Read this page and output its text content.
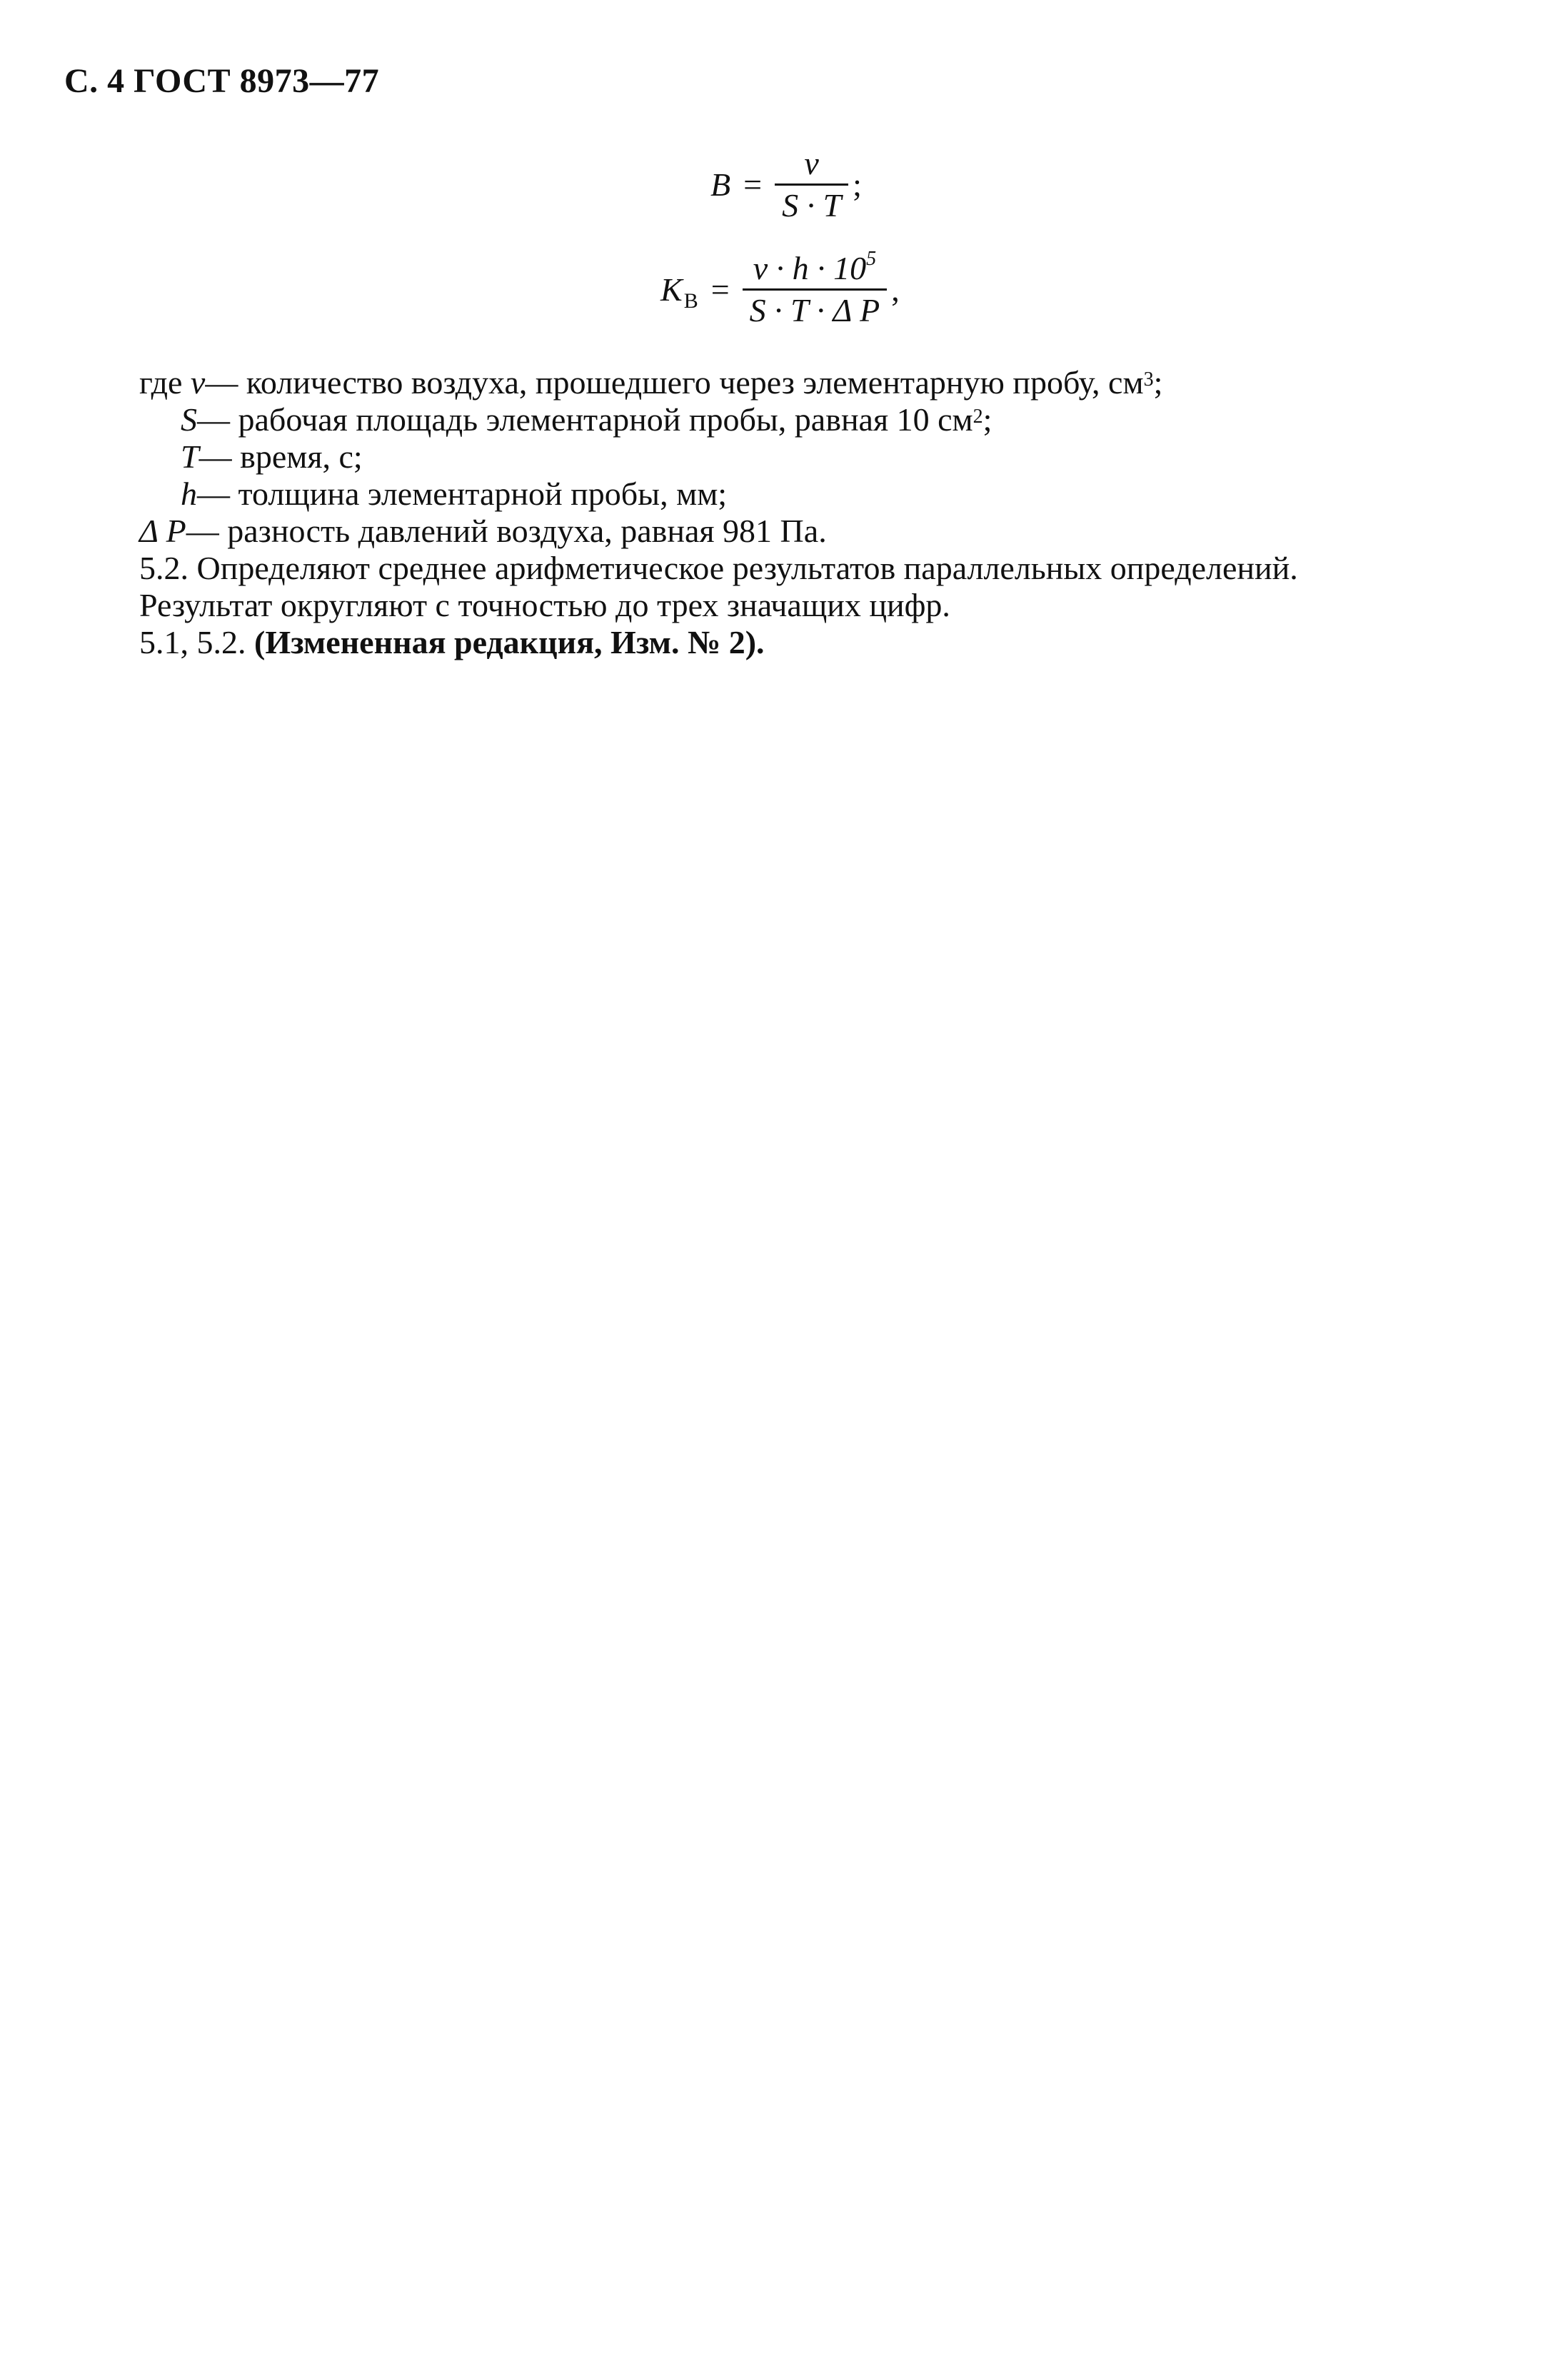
С. 4 ГОСТ 8973—77
$B = \frac{v}{S \cdot T}$ ;
K $B = \frac{v \cdot h \cdot 10^5}{\text{S · T · Δ P}}$ ,
где
v — количество воздуха, прошедшего через элементарную пробу, $см^3$ ;
S — рабочая площадь элементарной пробы, равная 10 $см^2$ ;
T — время, с;
h — толщина элементарной пробы, мм;
Δ P — разность давлений воздуха, равная 981 Па.
5.2. Определяют среднее арифметическое результатов параллельных определений.
Результат округляют с точностью до трех значащих цифр.
5.1, 5.2. (Измененная редакция, Изм. № 2).
